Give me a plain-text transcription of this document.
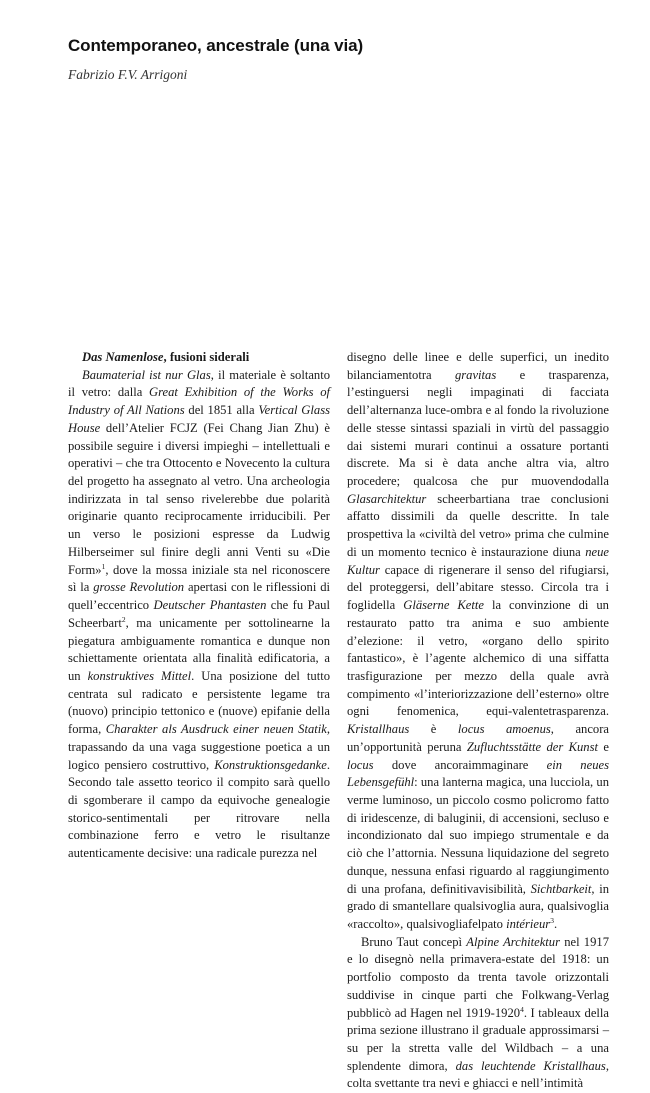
Contemporaneo, ancestrale (una via)
Fabrizio F.V. Arrigoni

Das Namenlose, fusioni siderali

Baumaterial ist nur Glas, il materiale è soltanto il vetro: dalla Great Exhibition of the Works of Industry of All Nations del 1851 alla Vertical Glass House dell’Atelier FCJZ (Fei Chang Jian Zhu) è possibile seguire i diversi impieghi – intellettuali e operativi – che tra Ottocento e Novecento la cultura del progetto ha assegnato al vetro. Una archeologia indirizzata in tal senso rivelerebbe due polarità originarie quanto reciprocamente irriducibili. Per un verso le posizioni espresse da Ludwig Hilberseimer sul finire degli anni Venti su «Die Form»$^1$, dove la mossa iniziale sta nel riconoscere sì la grosse Revolution apertasi con le riflessioni di quell’eccentrico Deutscher Phantasten che fu Paul Scheerbart$^2$, ma unicamente per sottolinearne la piegatura ambiguamente romantica e dunque non schiettamente orientata alla finalità edificatoria, a un konstruktives Mittel. Una posizione del tutto centrata sul radicato e persistente legame tra (nuovo) principio tettonico e (nuove) epifanie della forma, Charakter als Ausdruck einer neuen Statik, trapassando da una vaga suggestione poetica a un logico pensiero costruttivo, Konstruktionsgedanke. Secondo tale assetto teorico il compito sarà quello di sgomberare il campo da equivoche genealogie storico-sentimentali per ritrovare nella combinazione ferro e vetro le risultanze autenticamente decisive: una radicale purezza nel

disegno delle linee e delle superfici, un inedito bilanciamentotra gravitas e trasparenza, l’estinguersi negli impaginati di facciata dell’alternanza luce-ombra e al fondo la rivoluzione delle stesse sintassi spaziali in virtù del passaggio dai sistemi murari continui a ossature portanti discrete. Ma si è data anche altra via, altro procedere; qualcosa che pur muovendodalla Glasarchitektur scheerbartiana trae conclusioni affatto dissimili da quelle descritte. In tale prospettiva la «civiltà del vetro» prima che culmine di un momento tecnico è instaurazione diuna neue Kultur capace di rigenerare il senso del rifugiarsi, del proteggersi, dell’abitare stesso. Circola tra i foglidella Gläserne Kette la convinzione di un restaurato patto tra anima e suo ambiente d’elezione: il vetro, «organo dello spirito fantastico», è l’agente alchemico di una siffatta trasfigurazione per mezzo della quale avrà compimento «l’interiorizzazione dell’esterno» oltre ogni fenomenica, equi-valentetrasparenza. Kristallhaus è locus amoenus, ancora un’opportunità peruna Zufluchtsstätte der Kunst e locus dove ancoraimmaginare ein neues Lebensgefühl: una lanterna magica, una lucciola, un verme luminoso, un piccolo cosmo policromo fatto di iridescenze, di baluginii, di accensioni, secluso e incondizionato dal suo impiego strumentale e da ciò che l’attornia. Nessuna liquidazione del segreto dunque, nessuna enfasi riguardo al raggiungimento di una profana, definitivavisibilità, Sichtbarkeit, in grado di smantellare qualsivoglia aura, qualsivoglia «raccolto», qualsivogliafelpato intérieur$^3$.

Bruno Taut concepì Alpine Architektur nel 1917 e lo disegnò nella primavera-estate del 1918: un portfolio composto da trenta tavole orizzontali suddivise in cinque parti che Folkwang-Verlag pubblicò ad Hagen nel 1919-1920$^4$. I tableaux della prima sezione illustrano il graduale approssimarsi – su per la stretta valle del Wildbach – a una splendente dimora, das leuchtende Kristallhaus, colta svettante tra nevi e ghiacci e nell’intimità
